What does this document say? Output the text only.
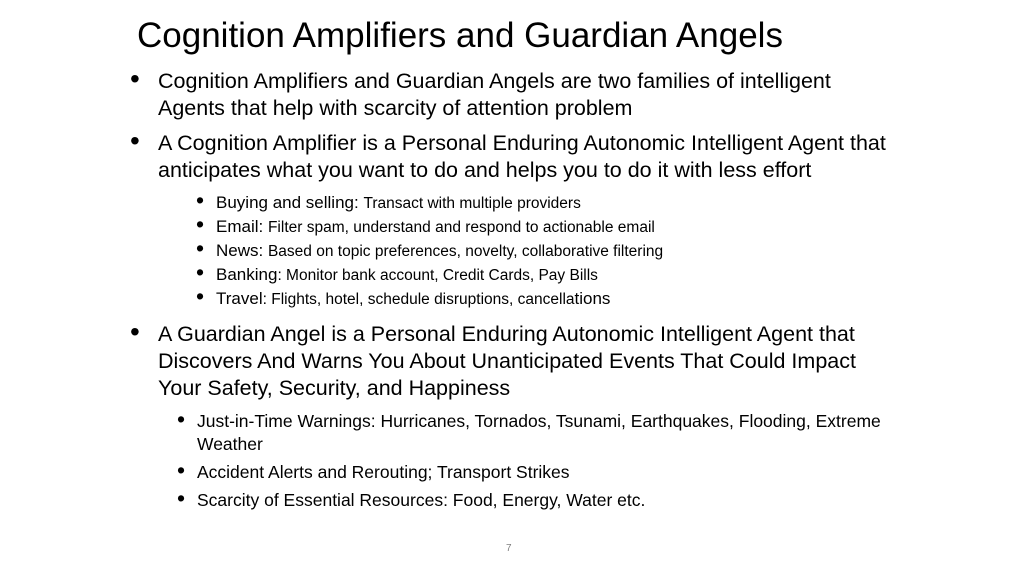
Cognition Amplifiers and Guardian Angels
• Cognition Amplifiers and Guardian Angels are two families of intelligent Agents that help with scarcity of attention problem
• A Cognition Amplifier is a Personal Enduring Autonomic Intelligent Agent that anticipates what you want to do and helps you to do it with less effort
• Buying and selling: Transact with multiple providers
• Email: Filter spam, understand and respond to actionable email
• News: Based on topic preferences, novelty, collaborative filtering
• Banking: Monitor bank account, Credit Cards, Pay Bills
• Travel: Flights, hotel, schedule disruptions, cancellations
• A Guardian Angel is a Personal Enduring Autonomic Intelligent Agent that Discovers And Warns You About Unanticipated Events That Could Impact Your Safety, Security, and Happiness
• Just-in-Time Warnings: Hurricanes, Tornados, Tsunami, Earthquakes, Flooding, Extreme Weather
• Accident Alerts and Rerouting; Transport Strikes
• Scarcity of Essential Resources: Food, Energy, Water etc.
7
